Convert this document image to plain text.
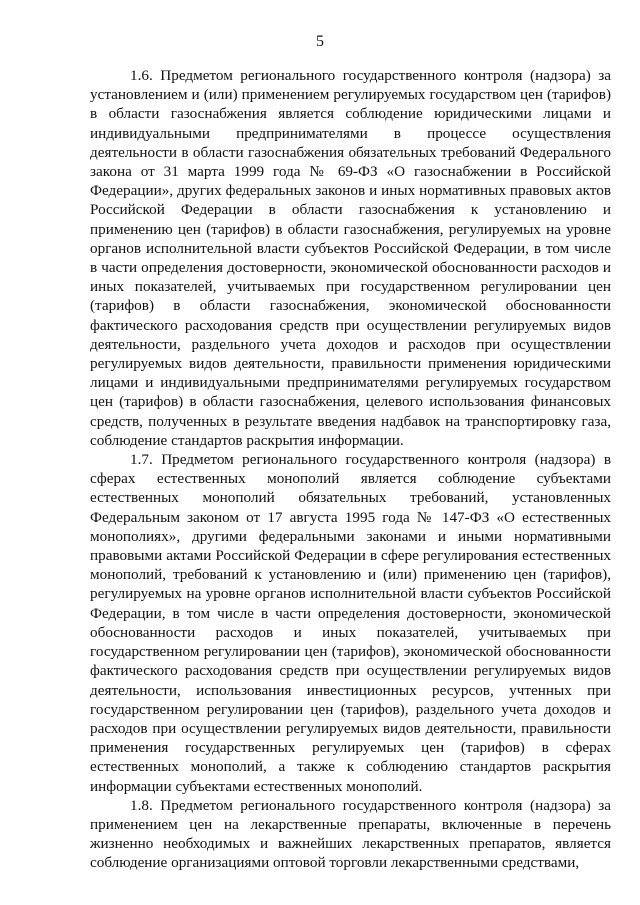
5

1.6. Предметом регионального государственного контроля (надзора) за установлением и (или) применением регулируемых государством цен (тарифов) в области газоснабжения является соблюдение юридическими лицами и индивидуальными предпринимателями в процессе осуществления деятельности в области газоснабжения обязательных требований Федерального закона от 31 марта 1999 года № 69-ФЗ «О газоснабжении в Российской Федерации», других федеральных законов и иных нормативных правовых актов Российской Федерации в области газоснабжения к установлению и применению цен (тарифов) в области газоснабжения, регулируемых на уровне органов исполнительной власти субъектов Российской Федерации, в том числе в части определения достоверности, экономической обоснованности расходов и иных показателей, учитываемых при государственном регулировании цен (тарифов) в области газоснабжения, экономической обоснованности фактического расходования средств при осуществлении регулируемых видов деятельности, раздельного учета доходов и расходов при осуществлении регулируемых видов деятельности, правильности применения юридическими лицами и индивидуальными предпринимателями регулируемых государством цен (тарифов) в области газоснабжения, целевого использования финансовых средств, полученных в результате введения надбавок на транспортировку газа, соблюдение стандартов раскрытия информации.

1.7. Предметом регионального государственного контроля (надзора) в сферах естественных монополий является соблюдение субъектами естественных монополий обязательных требований, установленных Федеральным законом от 17 августа 1995 года № 147-ФЗ «О естественных монополиях», другими федеральными законами и иными нормативными правовыми актами Российской Федерации в сфере регулирования естественных монополий, требований к установлению и (или) применению цен (тарифов), регулируемых на уровне органов исполнительной власти субъектов Российской Федерации, в том числе в части определения достоверности, экономической обоснованности расходов и иных показателей, учитываемых при государственном регулировании цен (тарифов), экономической обоснованности фактического расходования средств при осуществлении регулируемых видов деятельности, использования инвестиционных ресурсов, учтенных при государственном регулировании цен (тарифов), раздельного учета доходов и расходов при осуществлении регулируемых видов деятельности, правильности применения государственных регулируемых цен (тарифов) в сферах естественных монополий, а также к соблюдению стандартов раскрытия информации субъектами естественных монополий.

1.8. Предметом регионального государственного контроля (надзора) за применением цен на лекарственные препараты, включенные в перечень жизненно необходимых и важнейших лекарственных препаратов, является соблюдение организациями оптовой торговли лекарственными средствами,
